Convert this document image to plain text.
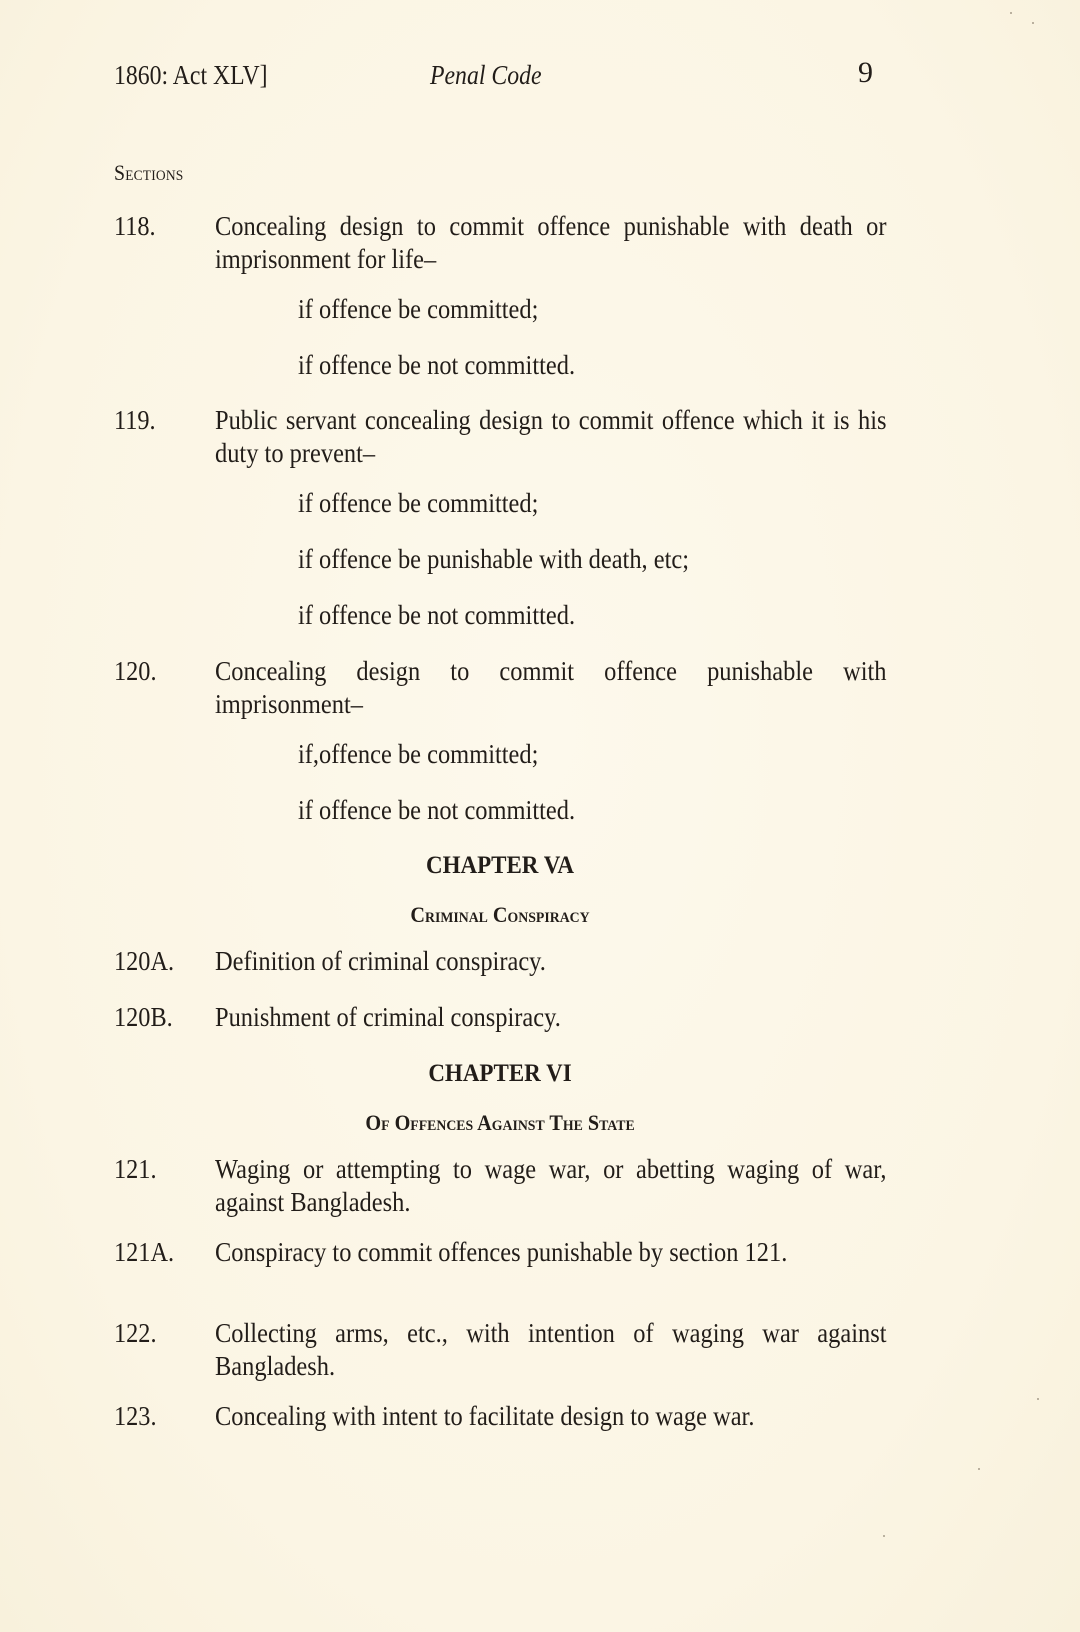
1860: Act XLV]	Penal Code	9
Sections
118. Concealing design to commit offence punishable with death or imprisonment for life–
if offence be committed;
if offence be not committed.
119. Public servant concealing design to commit offence which it is his duty to prevent–
if offence be committed;
if offence be punishable with death, etc;
if offence be not committed.
120. Concealing design to commit offence punishable with imprisonment–
if,offence be committed;
if offence be not committed.
CHAPTER VA
Criminal Conspiracy
120A. Definition of criminal conspiracy.
120B. Punishment of criminal conspiracy.
CHAPTER VI
Of Offences Against The State
121. Waging or attempting to wage war, or abetting waging of war, against Bangladesh.
121A. Conspiracy to commit offences punishable by section 121.
122. Collecting arms, etc., with intention of waging war against Bangladesh.
123. Concealing with intent to facilitate design to wage war.
